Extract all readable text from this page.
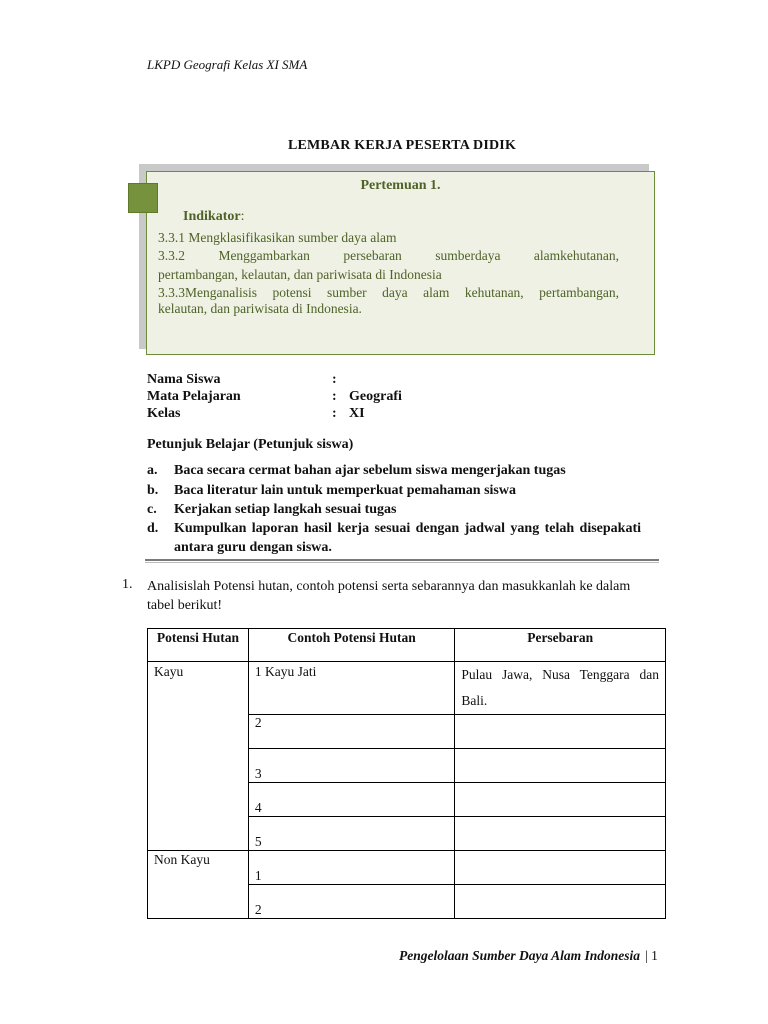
LKPD Geografi Kelas XI SMA
LEMBAR KERJA PESERTA DIDIK
Pertemuan 1.
Indikator:
3.3.1 Mengklasifikasikan sumber daya alam
3.3.2 Menggambarkan persebaran sumberdaya alamkehutanan,
pertambangan, kelautan, dan pariwisata di Indonesia
3.3.3Menganalisis potensi sumber daya alam kehutanan, pertambangan,
kelautan, dan pariwisata di Indonesia.
Nama Siswa	:
Mata Pelajaran	: Geografi
Kelas	: XI
Petunjuk Belajar (Petunjuk siswa)
a. Baca secara cermat bahan ajar sebelum siswa mengerjakan tugas
b. Baca literatur lain untuk memperkuat pemahaman siswa
c. Kerjakan setiap langkah sesuai tugas
d. Kumpulkan laporan hasil kerja sesuai dengan jadwal yang telah disepakati antara guru dengan siswa.
1. Analisislah Potensi hutan, contoh potensi serta sebarannya dan masukkanlah ke dalam tabel berikut!
Potensi Hutan	Contoh Potensi Hutan	Persebaran
Kayu	1 Kayu Jati	Pulau Jawa, Nusa Tenggara dan Bali.
	2	
	3	
	4	
	5	
Non Kayu	1	
	2	
Pengelolaan Sumber Daya Alam Indonesia | 1
